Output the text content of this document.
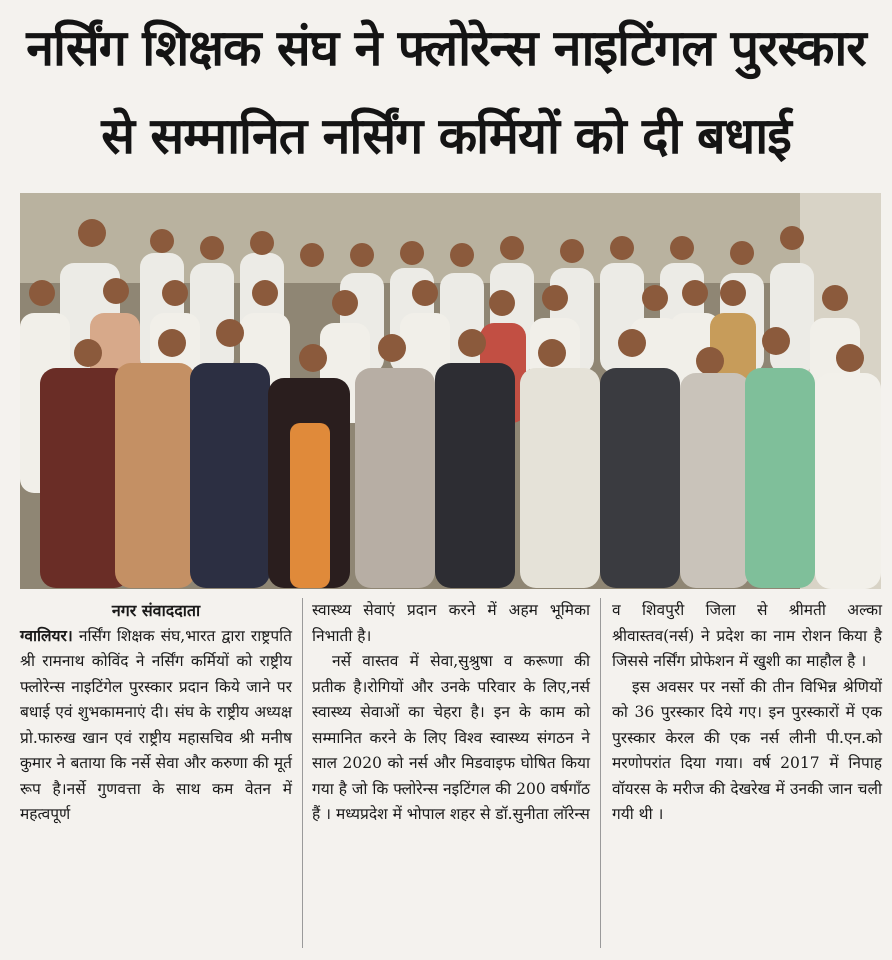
नर्सिंग शिक्षक संघ ने फ्लोरेन्स नाइटिंगल पुरस्कार
से सम्मानित नर्सिंग कर्मियों को दी बधाई
नगर संवाददाता

ग्वालियर। नर्सिंग शिक्षक संघ,भारत द्वारा राष्ट्रपति श्री रामनाथ कोविंद ने नर्सिंग कर्मियों को राष्ट्रीय फ्लोरेन्स नाइटिंगेल पुरस्कार प्रदान किये जाने पर बधाई एवं शुभकामनाएं दी। संघ के राष्ट्रीय अध्यक्ष प्रो.फारुख खान एवं राष्ट्रीय महासचिव श्री मनीष कुमार ने बताया कि नर्से सेवा और करुणा की मूर्त रूप है।नर्से गुणवत्ता के साथ कम वेतन में महत्वपूर्ण

स्वास्थ्य सेवाएं प्रदान करने में अहम भूमिका निभाती है।

नर्से वास्तव में सेवा,सुश्रुषा व करूणा की प्रतीक है।रोगियों और उनके परिवार के लिए,नर्स स्वास्थ्य सेवाओं का चेहरा है। इन के काम को सम्मानित करने के लिए विश्व स्वास्थ्य संगठन ने साल 2020 को नर्स और मिडवाइफ घोषित किया गया है जो कि फ्लोरेन्स नइटिंगल की 200 वर्षगाँठ हैं । मध्यप्रदेश में भोपाल शहर से डॉ.सुनीता लॉरेन्स

व शिवपुरी जिला से श्रीमती अल्का श्रीवास्तव(नर्स) ने प्रदेश का नाम रोशन किया है जिससे नर्सिंग प्रोफेशन में खुशी का माहौल है ।

इस अवसर पर नर्सो की तीन विभिन्न श्रेणियों को 36 पुरस्कार दिये गए। इन पुरस्कारों में एक पुरस्कार केरल की एक नर्स लीनी पी.एन.को मरणोपरांत दिया गया। वर्ष 2017 में निपाह वॉयरस के मरीज की देखरेख में उनकी जान चली गयी थी ।
